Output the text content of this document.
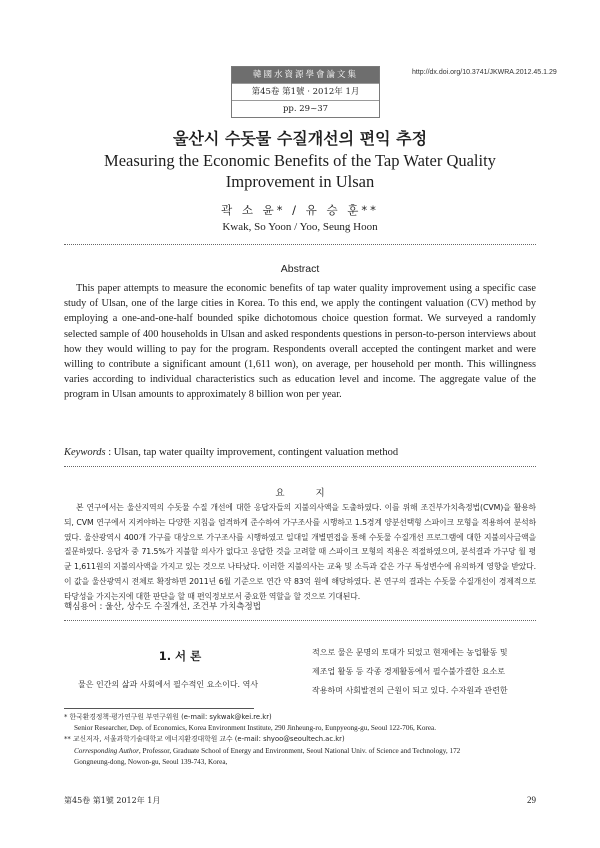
韓國水資源學會論文集
第45卷 第1號 · 2012年 1月
pp. 29~37
http://dx.doi.org/10.3741/JKWRA.2012.45.1.29
울산시 수돗물 수질개선의 편익 추정
Measuring the Economic Benefits of the Tap Water Quality
Improvement in Ulsan
곽 소 윤* / 유 승 훈**
Kwak, So Yoon / Yoo, Seung Hoon
Abstract
This paper attempts to measure the economic benefits of tap water quality improvement using a specific case study of Ulsan, one of the large cities in Korea. To this end, we apply the contingent valuation (CV) method by employing a one-and-one-half bounded spike dichotomous choice question format. We surveyed a randomly selected sample of 400 households in Ulsan and asked respondents questions in person-to-person interviews about how they would willing to pay for the program. Respondents overall accepted the contingent market and were willing to contribute a significant amount (1,611 won), on average, per household per month. This willingness varies according to individual characteristics such as education level and income. The aggregate value of the program in Ulsan amounts to approximately 8 billion won per year.
Keywords : Ulsan, tap water quailty improvement, contingent valuation method
요 지
본 연구에서는 울산지역의 수돗물 수질 개선에 대한 응답자들의 지불의사액을 도출하였다. 이를 위해 조건부가치측정법(CVM)을 활용하되, CVM 연구에서 지켜야하는 다양한 지침을 엄격하게 준수하여 가구조사를 시행하고 1.5경계 양분선택형 스파이크 모형을 적용하여 분석하였다. 울산광역시 400개 가구를 대상으로 가구조사를 시행하였고 일대일 개별면접을 통해 수돗물 수질개선 프로그램에 대한 지불의사금액을 질문하였다. 응답자 중 71.5%가 지불할 의사가 없다고 응답한 것을 고려할 때 스파이크 모형의 적용은 적절하였으며, 분석결과 가구당 월 평균 1,611원의 지불의사액을 가지고 있는 것으로 나타났다. 이러한 지불의사는 교육 및 소득과 같은 가구 특성변수에 유의하게 영향을 받았다. 이 값을 울산광역시 전체로 확장하면 2011년 6월 기준으로 연간 약 83억 원에 해당하였다. 본 연구의 결과는 수돗물 수질개선이 경제적으로 타당성을 가지는지에 대한 판단을 할 때 편익정보로서 중요한 역할을 할 것으로 기대된다.
핵심용어 : 울산, 상수도 수질개선, 조건부 가치측정법
1. 서 론
물은 인간의 삶과 사회에서 필수적인 요소이다. 역사
적으로 물은 문명의 토대가 되었고 현재에는 농업활동 및
제조업 활동 등 각종 경제활동에서 필수불가결한 요소로
작용하며 사회발전의 근원이 되고 있다. 수자원과 관련한
* 한국환경정책·평가연구원 부연구위원 (e-mail: sykwak@kei.re.kr)
Senior Researcher, Dep. of Economics, Korea Environment Institute, 290 Jinheung-ro, Eunpyeong-gu, Seoul 122-706, Korea.
** 교신저자, 서울과학기술대학교 에너지환경대학원 교수 (e-mail: shyoo@seoultech.ac.kr)
Corresponding Author, Professor, Graduate School of Energy and Environment, Seoul National Univ. of Science and Technology, 172
Gongneung-dong, Nowon-gu, Seoul 139-743, Korea,
第45卷 第1號 2012年 1月	29
